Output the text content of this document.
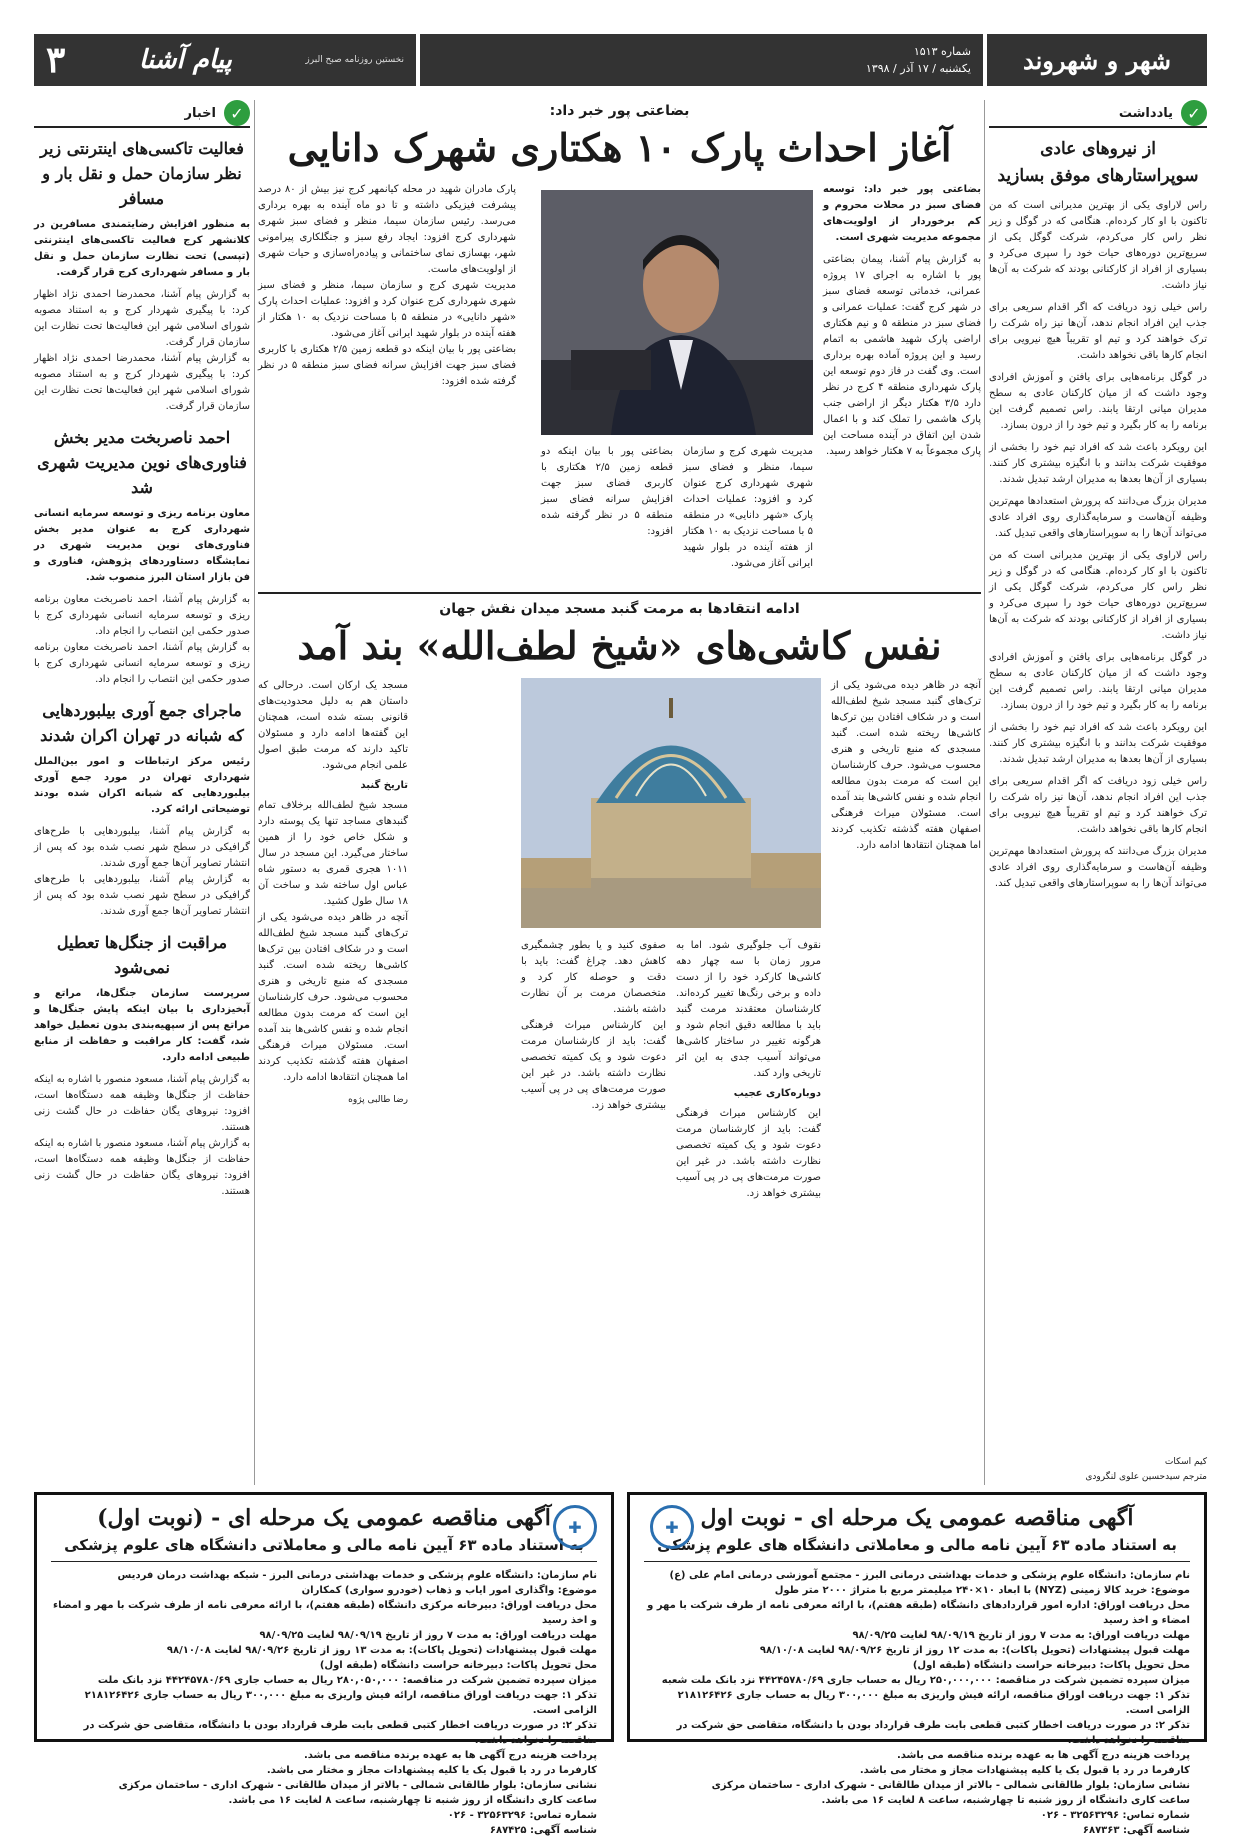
شهر و شهروند
شماره ۱۵۱۳
یکشنبه / ۱۷ آذر / ۱۳۹۸
نخستین روزنامه صبح البرز
پیام آشنا
۳
✓
یادداشت
از نیروهای عادی سوپراستارهای موفق بسازید

راس لاراوی یکی از بهترین مدیرانی است که من تاکنون با او کار کرده‌ام. هنگامی که در گوگل و زیر نظر راس کار می‌کردم، شرکت گوگل یکی از سریع‌ترین دوره‌های حیات خود را سپری می‌کرد و بسیاری از افراد از کارکنانی بودند که شرکت به آن‌ها نیاز داشت.

راس خیلی زود دریافت که اگر اقدام سریعی برای جذب این افراد انجام ندهد، آن‌ها نیز راه شرکت را ترک خواهند کرد و تیم او تقریباً هیچ نیرویی برای انجام کارها باقی نخواهد داشت.

در گوگل برنامه‌هایی برای یافتن و آموزش افرادی وجود داشت که از میان کارکنان عادی به سطح مدیران میانی ارتقا یابند. راس تصمیم گرفت این برنامه را به کار بگیرد و تیم خود را از درون بسازد.

این رویکرد باعث شد که افراد تیم خود را بخشی از موفقیت شرکت بدانند و با انگیزه بیشتری کار کنند. بسیاری از آن‌ها بعدها به مدیران ارشد تبدیل شدند.

مدیران بزرگ می‌دانند که پرورش استعدادها مهم‌ترین وظیفه آن‌هاست و سرمایه‌گذاری روی افراد عادی می‌تواند آن‌ها را به سوپراستارهای واقعی تبدیل کند.

راس لاراوی یکی از بهترین مدیرانی است که من تاکنون با او کار کرده‌ام. هنگامی که در گوگل و زیر نظر راس کار می‌کردم، شرکت گوگل یکی از سریع‌ترین دوره‌های حیات خود را سپری می‌کرد و بسیاری از افراد از کارکنانی بودند که شرکت به آن‌ها نیاز داشت.

در گوگل برنامه‌هایی برای یافتن و آموزش افرادی وجود داشت که از میان کارکنان عادی به سطح مدیران میانی ارتقا یابند. راس تصمیم گرفت این برنامه را به کار بگیرد و تیم خود را از درون بسازد.

این رویکرد باعث شد که افراد تیم خود را بخشی از موفقیت شرکت بدانند و با انگیزه بیشتری کار کنند. بسیاری از آن‌ها بعدها به مدیران ارشد تبدیل شدند.

راس خیلی زود دریافت که اگر اقدام سریعی برای جذب این افراد انجام ندهد، آن‌ها نیز راه شرکت را ترک خواهند کرد و تیم او تقریباً هیچ نیرویی برای انجام کارها باقی نخواهد داشت.

مدیران بزرگ می‌دانند که پرورش استعدادها مهم‌ترین وظیفه آن‌هاست و سرمایه‌گذاری روی افراد عادی می‌تواند آن‌ها را به سوپراستارهای واقعی تبدیل کند.

کیم اسکات
مترجم سیدحسین علوی لنگرودی
✓
اخبار
فعالیت تاکسی‌های اینترنتی زیر نظر سازمان حمل و نقل بار و مسافر
به منظور افزایش رضایتمندی مسافرین در کلانشهر کرج فعالیت تاکسی‌های اینترنتی (تپسی) تحت نظارت سازمان حمل و نقل بار و مسافر شهرداری کرج قرار گرفت.
به گزارش پیام آشنا، محمدرضا احمدی نژاد اظهار کرد: با پیگیری شهردار کرج و به استناد مصوبه شورای اسلامی شهر این فعالیت‌ها تحت نظارت این سازمان قرار گرفت.
به گزارش پیام آشنا، محمدرضا احمدی نژاد اظهار کرد: با پیگیری شهردار کرج و به استناد مصوبه شورای اسلامی شهر این فعالیت‌ها تحت نظارت این سازمان قرار گرفت.
احمد ناصربخت مدیر بخش فناوری‌های نوین مدیریت شهری شد
معاون برنامه ریزی و توسعه سرمایه انسانی شهرداری کرج به عنوان مدیر بخش فناوری‌های نوین مدیریت شهری در نمایشگاه دستاوردهای پژوهش، فناوری و فن بازار استان البرز منصوب شد.
به گزارش پیام آشنا، احمد ناصربخت معاون برنامه ریزی و توسعه سرمایه انسانی شهرداری کرج با صدور حکمی این انتصاب را انجام داد.
به گزارش پیام آشنا، احمد ناصربخت معاون برنامه ریزی و توسعه سرمایه انسانی شهرداری کرج با صدور حکمی این انتصاب را انجام داد.
ماجرای جمع آوری بیلبوردهایی که شبانه در تهران اکران شدند
رئیس مرکز ارتباطات و امور بین‌الملل شهرداری تهران در مورد جمع آوری بیلبوردهایی که شبانه اکران شده بودند توضیحاتی ارائه کرد.
به گزارش پیام آشنا، بیلبوردهایی با طرح‌های گرافیکی در سطح شهر نصب شده بود که پس از انتشار تصاویر آن‌ها جمع آوری شدند.
به گزارش پیام آشنا، بیلبوردهایی با طرح‌های گرافیکی در سطح شهر نصب شده بود که پس از انتشار تصاویر آن‌ها جمع آوری شدند.
مراقبت از جنگل‌ها تعطیل نمی‌شود
سرپرست سازمان جنگل‌ها، مراتع و آبخیزداری با بیان اینکه پایش جنگل‌ها و مراتع پس از سپهیه‌بندی بدون تعطیل خواهد شد، گفت: کار مراقبت و حفاظت از منابع طبیعی ادامه دارد.
به گزارش پیام آشنا، مسعود منصور با اشاره به اینکه حفاظت از جنگل‌ها وظیفه همه دستگاه‌ها است، افزود: نیروهای یگان حفاظت در حال گشت زنی هستند.
به گزارش پیام آشنا، مسعود منصور با اشاره به اینکه حفاظت از جنگل‌ها وظیفه همه دستگاه‌ها است، افزود: نیروهای یگان حفاظت در حال گشت زنی هستند.
بضاعتی پور خبر داد:
آغاز احداث پارک ۱۰ هکتاری شهرک دانایی
بضاعتی پور خبر داد: توسعه فضای سبز در محلات محروم و کم برخوردار از اولویت‌های مجموعه مدیریت شهری است.
به گزارش پیام آشنا، پیمان بضاعتی پور با اشاره به اجرای ۱۷ پروژه عمرانی، خدماتی توسعه فضای سبز در شهر کرج گفت: عملیات عمرانی و فضای سبز در منطقه ۵ و نیم هکتاری اراضی پارک شهید هاشمی به اتمام رسید و این پروژه آماده بهره برداری است. وی گفت در فاز دوم توسعه این پارک شهرداری منطقه ۴ کرج در نظر دارد ۳/۵ هکتار دیگر از اراضی جنب پارک هاشمی را تملک کند و با اعمال شدن این اتفاق در آینده مساحت این پارک مجموعاً به ۷ هکتار خواهد رسید.
مدیریت شهری کرج و سازمان سیما، منظر و فضای سبز شهری شهرداری کرج عنوان کرد و افزود: عملیات احداث پارک «شهر دانایی» در منطقه ۵ با مساحت نزدیک به ۱۰ هکتار از هفته آینده در بلوار شهید ایرانی آغاز می‌شود.
بضاعتی پور با بیان اینکه دو قطعه زمین ۲/۵ هکتاری با کاربری فضای سبز جهت افزایش سرانه فضای سبز منطقه ۵ در نظر گرفته شده افزود:
پارک مادران شهید در محله کیانمهر کرج نیز بیش از ۸۰ درصد پیشرفت فیزیکی داشته و تا دو ماه آینده به بهره برداری می‌رسد. رئیس سازمان سیما، منظر و فضای سبز شهری شهرداری کرج افزود: ایجاد رفع سبز و جنگلکاری پیرامونی شهر، بهسازی نمای ساختمانی و پیاده‌راه‌سازی و حیات شهری از اولویت‌های ماست.
مدیریت شهری کرج و سازمان سیما، منظر و فضای سبز شهری شهرداری کرج عنوان کرد و افزود: عملیات احداث پارک «شهر دانایی» در منطقه ۵ با مساحت نزدیک به ۱۰ هکتار از هفته آینده در بلوار شهید ایرانی آغاز می‌شود.
بضاعتی پور با بیان اینکه دو قطعه زمین ۲/۵ هکتاری با کاربری فضای سبز جهت افزایش سرانه فضای سبز منطقه ۵ در نظر گرفته شده افزود:
ادامه انتقادها به مرمت گنبد مسجد میدان نقش جهان
نفس کاشی‌های «شیخ لطف‌الله» بند آمد
آنچه در ظاهر دیده می‌شود یکی از ترک‌های گنبد مسجد شیخ لطف‌الله است و در شکاف افتادن بین ترک‌ها کاشی‌ها ریخته شده است. گنبد مسجدی که منبع تاریخی و هنری محسوب می‌شود. حرف کارشناسان این است که مرمت بدون مطالعه انجام شده و نفس کاشی‌ها بند آمده است. مسئولان میراث فرهنگی اصفهان هفته گذشته تکذیب کردند اما همچنان انتقادها ادامه دارد.
نقوف آب جلوگیری شود. اما به مرور زمان با سه چهار دهه کاشی‌ها کارکرد خود را از دست داده و برخی رنگ‌ها تغییر کرده‌اند. کارشناسان معتقدند مرمت گنبد باید با مطالعه دقیق انجام شود و هرگونه تغییر در ساختار کاشی‌ها می‌تواند آسیب جدی به این اثر تاریخی وارد کند.
دوباره‌کاری عجیب
این کارشناس میراث فرهنگی گفت: باید از کارشناسان مرمت دعوت شود و یک کمیته تخصصی نظارت داشته باشد. در غیر این صورت مرمت‌های پی در پی آسیب بیشتری خواهد زد.
صفوی کنید و یا بطور چشمگیری کاهش دهد. چراغ گفت: باید با دقت و حوصله کار کرد و متخصصان مرمت بر آن نظارت داشته باشند.
این کارشناس میراث فرهنگی گفت: باید از کارشناسان مرمت دعوت شود و یک کمیته تخصصی نظارت داشته باشد. در غیر این صورت مرمت‌های پی در پی آسیب بیشتری خواهد زد.
مسجد یک ارکان است. درحالی که داستان هم به دلیل محدودیت‌های قانونی بسته شده است، همچنان این گفته‌ها ادامه دارد و مسئولان تاکید دارند که مرمت طبق اصول علمی انجام می‌شود.
تاریخ گنبد
مسجد شیخ لطف‌الله برخلاف تمام گنبدهای مساجد تنها یک پوسته دارد و شکل خاص خود را از همین ساختار می‌گیرد. این مسجد در سال ۱۰۱۱ هجری قمری به دستور شاه عباس اول ساخته شد و ساخت آن ۱۸ سال طول کشید.
آنچه در ظاهر دیده می‌شود یکی از ترک‌های گنبد مسجد شیخ لطف‌الله است و در شکاف افتادن بین ترک‌ها کاشی‌ها ریخته شده است. گنبد مسجدی که منبع تاریخی و هنری محسوب می‌شود. حرف کارشناسان این است که مرمت بدون مطالعه انجام شده و نفس کاشی‌ها بند آمده است. مسئولان میراث فرهنگی اصفهان هفته گذشته تکذیب کردند اما همچنان انتقادها ادامه دارد.
رضا طالبی پژوه
✚ آگهی مناقصه عمومی یک مرحله ای - نوبت اول
به استناد ماده ۶۳ آیین نامه مالی و معاملاتی دانشگاه های علوم پزشکی
نام سازمان: دانشگاه علوم پزشکی و خدمات بهداشتی درمانی البرز - مجتمع آموزشی درمانی امام علی (ع)
موضوع: خرید کالا زمینی (NYZ) با ابعاد ۱۰×۲۴۰ میلیمتر مربع با متراژ ۲۰۰۰ متر طول
محل دریافت اوراق: اداره امور قراردادهای دانشگاه (طبقه هفتم)، با ارائه معرفی نامه از طرف شرکت با مهر و امضاء و اخذ رسید
مهلت دریافت اوراق: به مدت ۷ روز از تاریخ ۹۸/۰۹/۱۹ لغایت ۹۸/۰۹/۲۵
مهلت قبول پیشنهادات (تحویل پاکات): به مدت ۱۲ روز از تاریخ ۹۸/۰۹/۲۶ لغایت ۹۸/۱۰/۰۸
محل تحویل پاکات: دبیرخانه حراست دانشگاه (طبقه اول)
میزان سپرده تضمین شرکت در مناقصه: ۲۵۰,۰۰۰,۰۰۰ ریال به حساب جاری ۴۴۲۴۵۷۸۰/۶۹ نزد بانک ملت شعبه
تذکر ۱: جهت دریافت اوراق مناقصه، ارائه فیش واریزی به مبلغ ۳۰۰,۰۰۰ ریال به حساب جاری ۲۱۸۱۲۶۴۲۶ الزامی است.
تذکر ۲: در صورت دریافت اخطار کتبی قطعی بابت طرف قرارداد بودن با دانشگاه، متقاضی حق شرکت در مناقصه را نخواهد داشت.
پرداخت هزینه درج آگهی ها به عهده برنده مناقصه می باشد.
کارفرما در رد یا قبول یک یا کلیه پیشنهادات مجاز و مختار می باشد.
نشانی سازمان: بلوار طالقانی شمالی - بالاتر از میدان طالقانی - شهرک اداری - ساختمان مرکزی
ساعت کاری دانشگاه از روز شنبه تا چهارشنبه، ساعت ۸ لغایت ۱۶ می باشد.
شماره تماس: ۳۲۵۶۳۲۹۶ - ۰۲۶
شناسه آگهی: ۶۸۷۳۶۳
✚
آگهی مناقصه عمومی یک مرحله ای - (نوبت اول)
به استناد ماده ۶۳ آیین نامه مالی و معاملاتی دانشگاه های علوم پزشکی
نام سازمان: دانشگاه علوم پزشکی و خدمات بهداشتی درمانی البرز - شبکه بهداشت درمان فردیس
موضوع: واگذاری امور ایاب و ذهاب (خودرو سواری) کمکاران
محل دریافت اوراق: دبیرخانه مرکزی دانشگاه (طبقه هفتم)، با ارائه معرفی نامه از طرف شرکت با مهر و امضاء و اخذ رسید
مهلت دریافت اوراق: به مدت ۷ روز از تاریخ ۹۸/۰۹/۱۹ لغایت ۹۸/۰۹/۲۵
مهلت قبول پیشنهادات (تحویل پاکات): به مدت ۱۳ روز از تاریخ ۹۸/۰۹/۲۶ لغایت ۹۸/۱۰/۰۸
محل تحویل پاکات: دبیرخانه حراست دانشگاه (طبقه اول)
میزان سپرده تضمین شرکت در مناقصه: ۲۸۰,۰۵۰,۰۰۰ ریال به حساب جاری ۴۴۲۴۵۷۸۰/۶۹ نزد بانک ملت
تذکر ۱: جهت دریافت اوراق مناقصه، ارائه فیش واریزی به مبلغ ۳۰۰,۰۰۰ ریال به حساب جاری ۲۱۸۱۲۶۴۲۶ الزامی است.
تذکر ۲: در صورت دریافت اخطار کتبی قطعی بابت طرف قرارداد بودن با دانشگاه، متقاضی حق شرکت در مناقصه را نخواهد داشت.
پرداخت هزینه درج آگهی ها به عهده برنده مناقصه می باشد.
کارفرما در رد یا قبول یک یا کلیه پیشنهادات مجاز و مختار می باشد.
نشانی سازمان: بلوار طالقانی شمالی - بالاتر از میدان طالقانی - شهرک اداری - ساختمان مرکزی
ساعت کاری دانشگاه از روز شنبه تا چهارشنبه، ساعت ۸ لغایت ۱۶ می باشد.
شماره تماس: ۳۲۵۶۳۲۹۶ - ۰۲۶
شناسه آگهی: ۶۸۷۴۲۵
